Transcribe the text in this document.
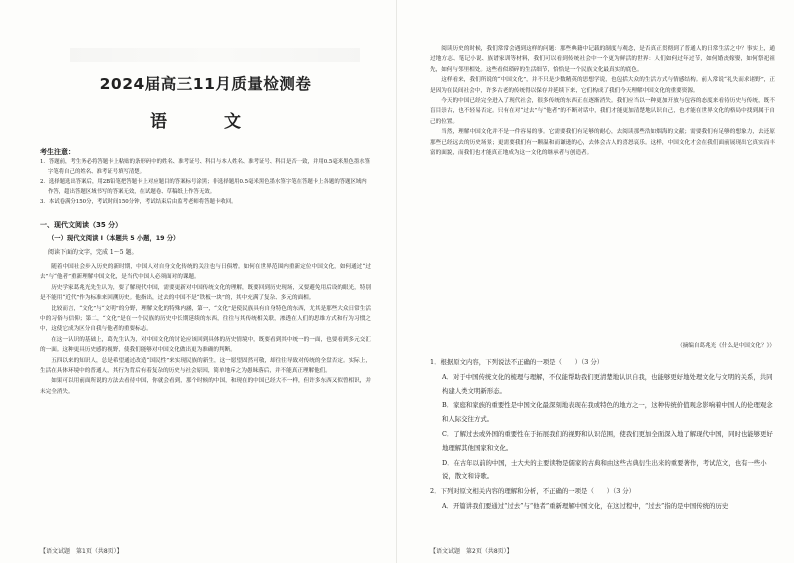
2024届高三11月质量检测卷
语　文
考生注意：

1．答题前，考生务必将答题卡上粘贴的条形码中的姓名、准考证号、科目与本人姓名、准考证号、科目是否一致，并用0.5毫米黑色墨水签字笔将自己的姓名、准考证号填写清楚。

2．选择题选出答案后，用2B铅笔把答题卡上对应题目的答案标号涂黑；非选择题用0.5毫米黑色墨水签字笔在答题卡上各题的答题区域内作答，超出答题区域书写的答案无效，在试题卷、草稿纸上作答无效。

3．本试卷满分150分，考试时间150分钟，考试结束后由监考老师将答题卡收回。

一、现代文阅读（35 分）
（一）现代文阅读 I（本题共 5 小题，19 分）
阅读下面的文字，完成 1～5 题。

随着中国社会步入历史的新时期，中国人对自身文化传统的关注也与日俱增。如何在世界范围内重新定位中国文化，如何通过“过去”与“他者”重新理解中国文化，是当代中国人必须面对的课题。

历史学家葛兆光先生认为，要了解现代中国，需要更新对中国传统文化的理解，既要回到历史现场，又要避免用后设的眼光，特别是不能用“近代”作为标准来回溯历史。他指出，过去的中国不是“铁板一块”的，其中充满了复杂、多元的面相。

比较而言，“文化”与“文明”的分野，理解文化的特殊内涵，第一，“文化”是使民族具有自身特色的东西，尤其是那些大众日常生活中的习俗与信仰；第二，“文化”是在一个民族的历史中长期延续的东西，往往与其传统相关联，渗透在人们的思维方式和行为习惯之中，这使它成为区分自我与他者的重要标志。

在这一认识的基础上，葛先生认为，对中国文化的讨论应该回到具体的历史情境中，既要看到其中统一的一面，也要看到多元交汇的一面。这种更具历史感的视野，使我们能够对中国文化做出更为准确的判断。

五四以来的知识人，总是希望通过改造“国民性”来实现民族的新生，这一愿望固然可敬，却往往导致对传统的全盘否定。实际上，生活在具体环境中的普通人，其行为背后有着复杂的历史与社会原因，简单地斥之为愚昧落后，并不能真正理解他们。

如果可以用前面所说的方法去看待中国，你就会看到，那个时候的中国，和现在的中国已经大不一样，但许多东西又似曾相识，并未完全消失。

【语文试题　第1页（共8页）】

阅读历史的时候，我们常常会遇到这样的问题：那些典籍中记载的制度与观念，是否真正贯彻到了普通人的日常生活之中？事实上，通过地方志、笔记小说、族谱家训等材料，我们可以看到传统社会中一个更为鲜活的世界：人们如何过年过节，如何婚丧嫁娶，如何祭祀祖先，如何与邻里相处。这些看似琐碎的生活细节，恰恰是一个民族文化最真实的底色。

这样看来，我们所说的“中国文化”，并不只是少数精英的思想学说，也包括大众的生活方式与情感结构。前人常说“礼失而求诸野”，正是因为在民间社会中，许多古老的传统得以保存并延续下来，它们构成了我们今天理解中国文化的重要资源。

今天的中国已经完全进入了现代社会，很多传统的东西正在逐渐消失。我们应当以一种更加开放与包容的态度来看待历史与传统，既不盲目崇古，也不轻易否定。只有在对“过去”与“他者”的不断对话中，我们才能更加清楚地认识自己，也才能在世界文化的格局中找到属于自己的位置。

当然，理解中国文化并不是一件容易的事。它需要我们有足够的耐心，去阅读那些浩如烟海的文献；需要我们有足够的想象力，去还原那些已经远去的历史场景；更需要我们有一颗温和而谦逊的心，去体会古人的喜怒哀乐。这样，中国文化才会在我们面前展现出它真实而丰富的面貌，而我们也才能真正地成为这一文化的继承者与创造者。

（摘编自葛兆光《什么是中国文化？》）

1．根据原文内容，下列说法不正确的一项是（　　）（3 分）

A．对于中国传统文化的梳理与理解，不仅能帮助我们更清楚地认识自我，也能够更好地处理文化与文明的关系，共同构建人类文明新形态。

B．家庭和家族的重要性是中国文化最深刻地表现在我或特色的地方之一，这种传统价值观念影响着中国人的伦理观念和人际交往方式。

C．了解过去或外国的重要性在于拓展我们的视野和认识范围，使我们更加全面深入地了解现代中国，同时也能够更好地理解其他国家和文化。

D．在古年以前的中国，士大夫的主要读物是儒家的古典和由这些古典衍生出来的重要著作，考试范文，也有一些小说，散文和诗歌。

2．下列对原文相关内容的理解和分析，不正确的一项是（　　）（3 分）

A．开篇讲我们要通过“过去”与“他者”重新理解中国文化，在这过程中，“过去”指的是中国传统的历史

【语文试题　第2页（共8页）】
